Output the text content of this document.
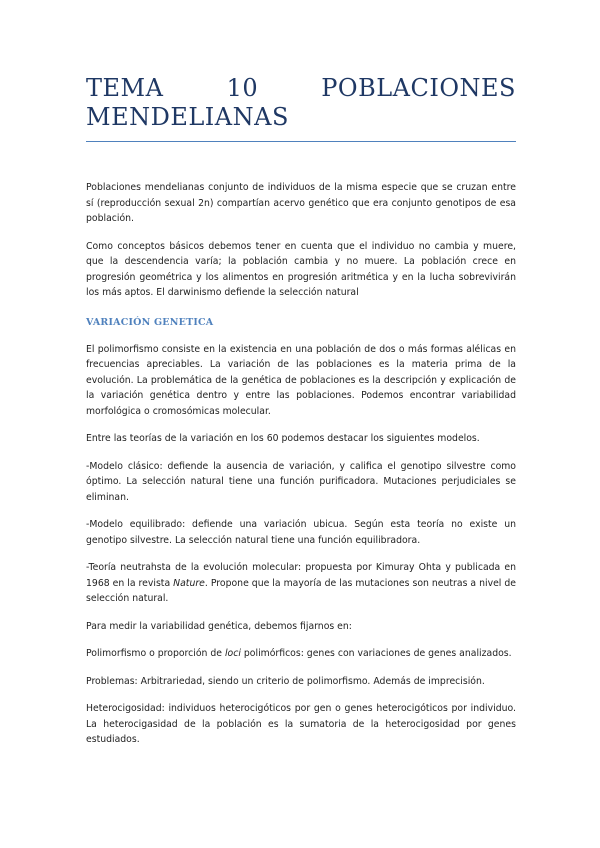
TEMA	10	POBLACIONES
MENDELIANAS

Poblaciones mendelianas conjunto de individuos de la misma especie que se cruzan entre sí (reproducción sexual 2n) compartían acervo genético que era conjunto genotipos de esa población.

Como conceptos básicos debemos tener en cuenta que el individuo no cambia y muere, que la descendencia varía; la población cambia y no muere. La población crece en progresión geométrica y los alimentos en progresión aritmética y en la lucha sobrevivirán los más aptos. El darwinismo defiende la selección natural

VARIACIÓN GENETICA

El polimorfismo consiste en la existencia en una población de dos o más formas alélicas en frecuencias apreciables. La variación de las poblaciones es la materia prima de la evolución. La problemática de la genética de poblaciones es la descripción y explicación de la variación genética dentro y entre las poblaciones. Podemos encontrar variabilidad morfológica o cromosómicas molecular.

Entre las teorías de la variación en los 60 podemos destacar los siguientes modelos.

-Modelo clásico: defiende la ausencia de variación, y califica el genotipo silvestre como óptimo. La selección natural tiene una función purificadora. Mutaciones perjudiciales se eliminan.

-Modelo equilibrado: defiende una variación ubicua. Según esta teoría no existe un genotipo silvestre. La selección natural tiene una función equilibradora.

-Teoría neutrahsta de la evolución molecular: propuesta por Kimuray Ohta y publicada en 1968 en la revista Nature. Propone que la mayoría de las mutaciones son neutras a nivel de selección natural.

Para medir la variabilidad genética, debemos fijarnos en:

Polimorfismo o proporción de loci polimórficos: genes con variaciones de genes analizados.

Problemas: Arbitrariedad, siendo un criterio de polimorfismo. Además de imprecisión.

Heterocigosidad: individuos heterocigóticos por gen o genes heterocigóticos por individuo. La heterocigasidad de la población es la sumatoria de la heterocigosidad por genes estudiados.
